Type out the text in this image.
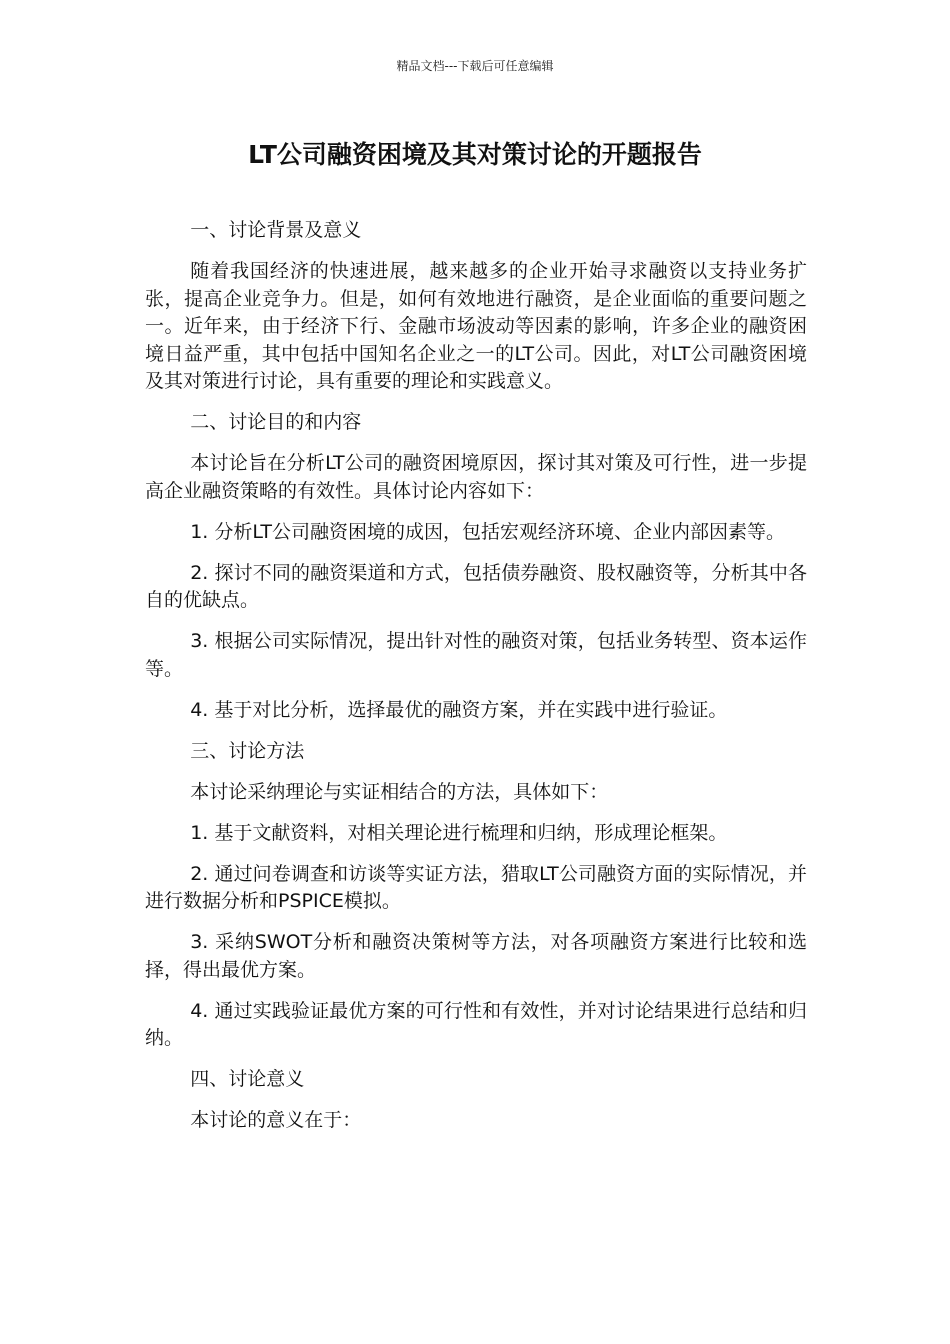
精品文档---下载后可任意编辑
LT公司融资困境及其对策讨论的开题报告

一、讨论背景及意义

随着我国经济的快速进展，越来越多的企业开始寻求融资以支持业务扩张，提高企业竞争力。但是，如何有效地进行融资，是企业面临的重要问题之一。近年来，由于经济下行、金融市场波动等因素的影响，许多企业的融资困境日益严重，其中包括中国知名企业之一的LT公司。因此，对LT公司融资困境及其对策进行讨论，具有重要的理论和实践意义。

二、讨论目的和内容

本讨论旨在分析LT公司的融资困境原因，探讨其对策及可行性，进一步提高企业融资策略的有效性。具体讨论内容如下：

1. 分析LT公司融资困境的成因，包括宏观经济环境、企业内部因素等。

2. 探讨不同的融资渠道和方式，包括债券融资、股权融资等，分析其中各自的优缺点。

3. 根据公司实际情况，提出针对性的融资对策，包括业务转型、资本运作等。

4. 基于对比分析，选择最优的融资方案，并在实践中进行验证。

三、讨论方法

本讨论采纳理论与实证相结合的方法，具体如下：

1. 基于文献资料，对相关理论进行梳理和归纳，形成理论框架。

2. 通过问卷调查和访谈等实证方法，猎取LT公司融资方面的实际情况，并进行数据分析和PSPICE模拟。

3. 采纳SWOT分析和融资决策树等方法，对各项融资方案进行比较和选择，得出最优方案。

4. 通过实践验证最优方案的可行性和有效性，并对讨论结果进行总结和归纳。

四、讨论意义

本讨论的意义在于：
